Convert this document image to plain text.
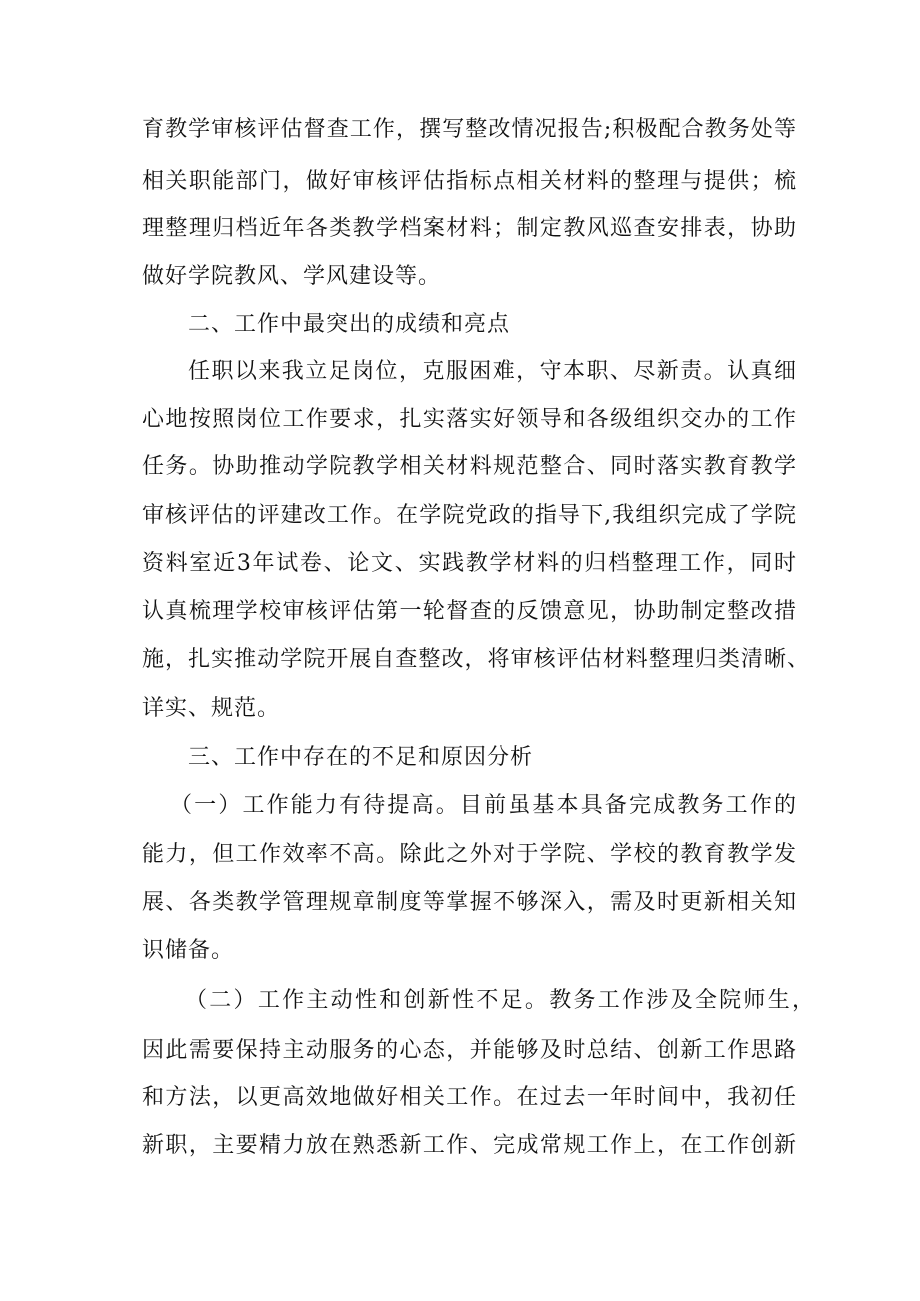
育教学审核评估督查工作，撰写整改情况报告;积极配合教务处等
相关职能部门，做好审核评估指标点相关材料的整理与提供；梳
理整理归档近年各类教学档案材料；制定教风巡查安排表，协助
做好学院教风、学风建设等。
二、工作中最突出的成绩和亮点
任职以来我立足岗位，克服困难，守本职、尽新责。认真细
心地按照岗位工作要求，扎实落实好领导和各级组织交办的工作
任务。协助推动学院教学相关材料规范整合、同时落实教育教学
审核评估的评建改工作。在学院党政的指导下,我组织完成了学院
资料室近3年试卷、论文、实践教学材料的归档整理工作，同时
认真梳理学校审核评估第一轮督查的反馈意见，协助制定整改措
施，扎实推动学院开展自查整改，将审核评估材料整理归类清晰、
详实、规范。
三、工作中存在的不足和原因分析
（一）工作能力有待提高。目前虽基本具备完成教务工作的
能力，但工作效率不高。除此之外对于学院、学校的教育教学发
展、各类教学管理规章制度等掌握不够深入，需及时更新相关知
识储备。
（二）工作主动性和创新性不足。教务工作涉及全院师生，
因此需要保持主动服务的心态，并能够及时总结、创新工作思路
和方法，以更高效地做好相关工作。在过去一年时间中，我初任
新职，主要精力放在熟悉新工作、完成常规工作上，在工作创新
